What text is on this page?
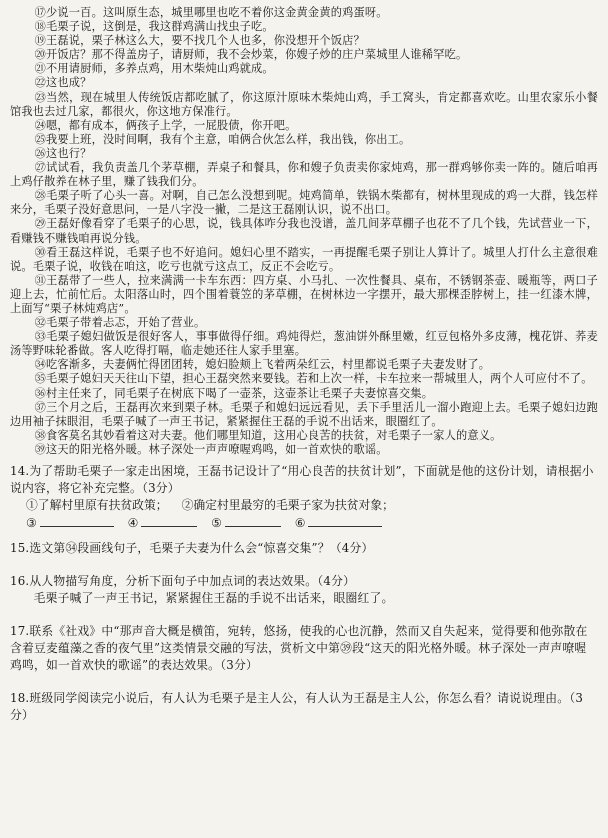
⑰少说一百。这叫原生态，城里哪里也吃不着你这金黄金黄的鸡蛋呀。

⑱毛栗子说，这倒是，我这群鸡满山找虫子吃。

⑲王磊说，栗子林这么大，要不找几个人也多，你没想开个饭店？

⑳开饭店？那不得盖房子，请厨师，我不会炒菜，你嫂子炒的庄户菜城里人谁稀罕吃。

㉑不用请厨师，多养点鸡，用木柴炖山鸡就成。

㉒这也成？

㉓当然，现在城里人传统饭店都吃腻了，你这原汁原味木柴炖山鸡，手工窝头，肯定都喜欢吃。山里农家乐小餐馆我也去过几家，都很火，你这地方保准行。

㉔嗯，都有成本，俩孩子上学，一屁股债，你开吧。

㉕我要上班，没时间啊，我有个主意，咱俩合伙怎么样，我出钱，你出工。

㉖这也行？

㉗试试看，我负责盖几个茅草棚，弄桌子和餐具，你和嫂子负责卖你家炖鸡，那一群鸡够你卖一阵的。随后咱再上鸡仔散养在林子里，赚了钱我们分。

㉘毛栗子听了心头一喜。对啊，自己怎么没想到呢。炖鸡简单，铁锅木柴都有，树林里现成的鸡一大群，钱怎样来分，毛栗子没好意思问，一是八字没一撇，二是这王磊刚认识，说不出口。

㉙王磊好像看穿了毛栗子的心思，说，钱具体咋分我也没谱，盖几间茅草棚子也花不了几个钱，先试营业一下，看赚钱不赚钱咱再说分钱。

㉚看王磊这样说，毛栗子也不好追问。媳妇心里不踏实，一再提醒毛栗子别让人算计了。城里人打什么主意很难说。毛栗子说，收钱在咱这，吃亏也就亏这点工，反正不会吃亏。

㉛王磊带了一些人，拉来满满一卡车东西：四方桌、小马扎、一次性餐具、桌布，不锈钢茶壶、暖瓶等，两口子迎上去，忙前忙后。太阳落山时，四个围着蓑笠的茅草棚，在树林边一字摆开，最大那棵歪脖树上，挂一红漆木牌，上面写“栗子林炖鸡店”。

㉜毛栗子带着忐忑，开始了营业。

㉝毛栗子媳妇做饭是很好客人，事事做得仔细。鸡炖得烂，葱油饼外酥里嫩，红豆包格外多皮薄，槐花饼、荞麦汤等野味轮番做。客人吃得打嗝，临走她还往人家手里塞。

㉞吃客渐多，夫妻俩忙得团团转，媳妇脸颊上飞着两朵红云，村里都说毛栗子夫妻发财了。

㉟毛栗子媳妇天天往山下望，担心王磊突然来要钱。若和上次一样，卡车拉来一帮城里人，两个人可应付不了。

㊱村主任来了，同毛栗子在树底下喝了一壶茶，这壶茶让毛栗子夫妻惊喜交集。

㊲三个月之后，王磊再次来到栗子林。毛栗子和媳妇远远看见，丢下手里活儿一溜小跑迎上去。毛栗子媳妇边跑边用袖子抹眼泪，毛栗子喊了一声王书记，紧紧握住王磊的手说不出话来，眼圈红了。

㊳食客莫名其妙看着这对夫妻。他们哪里知道，这用心良苦的扶贫，对毛栗子一家人的意义。

㊴这天的阳光格外暖。林子深处一声声嘹喔鸡鸣，如一首欢快的歌谣。

14.为了帮助毛栗子一家走出困境，王磊书记设计了“用心良苦的扶贫计划”，下面就是他的这份计划，请根据小说内容，将它补充完整。（3分）

①了解村里原有扶贫政策； ②确定村里最穷的毛栗子家为扶贫对象；
③	④	⑤	⑥

15.选文第㉞段画线句子，毛栗子夫妻为什么会“惊喜交集”？（4分）

16.从人物描写角度，分析下面句子中加点词的表达效果。（4分）

毛栗子喊了一声王书记，紧紧握住王磊的手说不出话来，眼圈红了。

17.联系《社戏》中“那声音大概是横笛，宛转，悠扬，使我的心也沉静，然而又自失起来，觉得要和他弥散在含着豆麦蕴藻之香的夜气里”这类情景交融的写法，赏析文中第㊴段“这天的阳光格外暖。林子深处一声声嘹喔鸡鸣，如一首欢快的歌谣”的表达效果。（3分）

18.班级同学阅读完小说后，有人认为毛栗子是主人公，有人认为王磊是主人公，你怎么看？请说说理由。（3分）
